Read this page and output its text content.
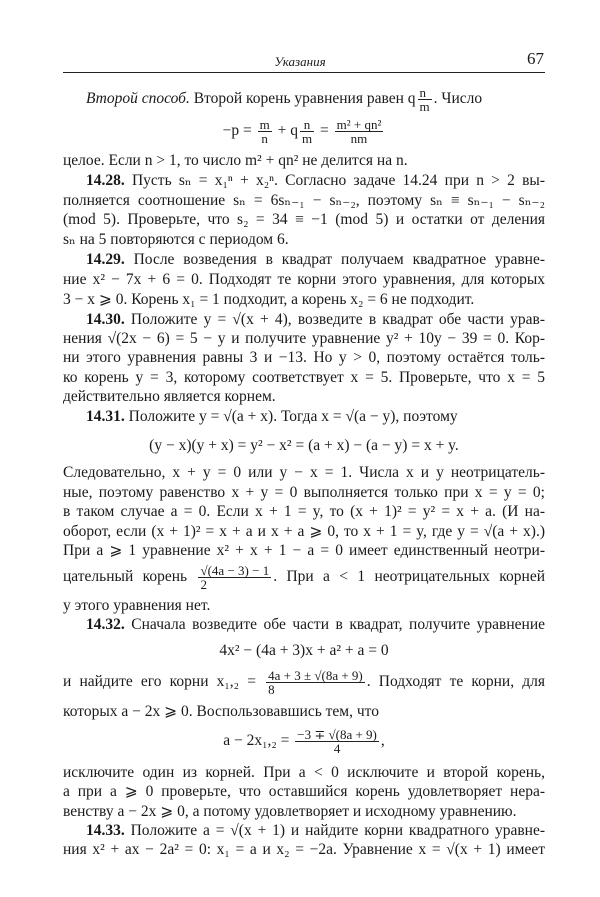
Указания	67
Второй способ. Второй корень уравнения равен q $\frac{n}{m}$ . Число
$-p = \frac{m}{n} + q \frac{n}{m} = \frac{\text{m² + qn²}}{nm}$
целое. Если n > 1, то число m² + qn² не делится на n.
14.28. Пусть sₙ = x₁ⁿ + x₂ⁿ. Согласно задаче 14.24 при n > 2 вы-
полняется соотношение sₙ = 6sₙ₋₁ − sₙ₋₂, поэтому sₙ ≡ sₙ₋₁ − sₙ₋₂
(mod 5). Проверьте, что s₂ = 34 ≡ −1 (mod 5) и остатки от деления
sₙ на 5 повторяются с периодом 6.
14.29. После возведения в квадрат получаем квадратное уравне-
ние x² − 7x + 6 = 0. Подходят те корни этого уравнения, для которых
3 − x ⩾ 0. Корень x₁ = 1 подходит, а корень x₂ = 6 не подходит.
14.30. Положите y = √(x + 4), возведите в квадрат обе части урав-
нения √(2x − 6) = 5 − y и получите уравнение y² + 10y − 39 = 0. Кор-
ни этого уравнения равны 3 и −13. Но y > 0, поэтому остаётся толь-
ко корень y = 3, которому соответствует x = 5. Проверьте, что x = 5
действительно является корнем.
14.31. Положите y = √(a + x). Тогда x = √(a − y), поэтому
(y − x)(y + x) = y² − x² = (a + x) − (a − y) = x + y.
Следовательно, x + y = 0 или y − x = 1. Числа x и y неотрицатель-
ные, поэтому равенство x + y = 0 выполняется только при x = y = 0;
в таком случае a = 0. Если x + 1 = y, то (x + 1)² = y² = x + a. (И на-
оборот, если (x + 1)² = x + a и x + a ⩾ 0, то x + 1 = y, где y = √(a + x).)
При a ⩾ 1 уравнение x² + x + 1 − a = 0 имеет единственный неотри-
цательный корень $\frac{√(4a - 3) - 1}{2}$ . При a < 1 неотрицательных корней
у этого уравнения нет.
14.32. Сначала возведите обе части в квадрат, получите уравнение
4x² − (4a + 3)x + a² + a = 0
и найдите его корни $x_1,_2 = \frac{4a + 3 \pm √(8a + 9)}{8}$ . Подходят те корни, для
которых a − 2x ⩾ 0. Воспользовавшись тем, что
$a - 2x_1,_2 = \frac{-3 \mp √(8a + 9)}{4}$ ,
исключите один из корней. При a < 0 исключите и второй корень,
а при a ⩾ 0 проверьте, что оставшийся корень удовлетворяет нера-
венству a − 2x ⩾ 0, а потому удовлетворяет и исходному уравнению.
14.33. Положите a = √(x + 1) и найдите корни квадратного уравне-
ния x² + ax − 2a² = 0: x₁ = a и x₂ = −2a. Уравнение x = √(x + 1) имеет
